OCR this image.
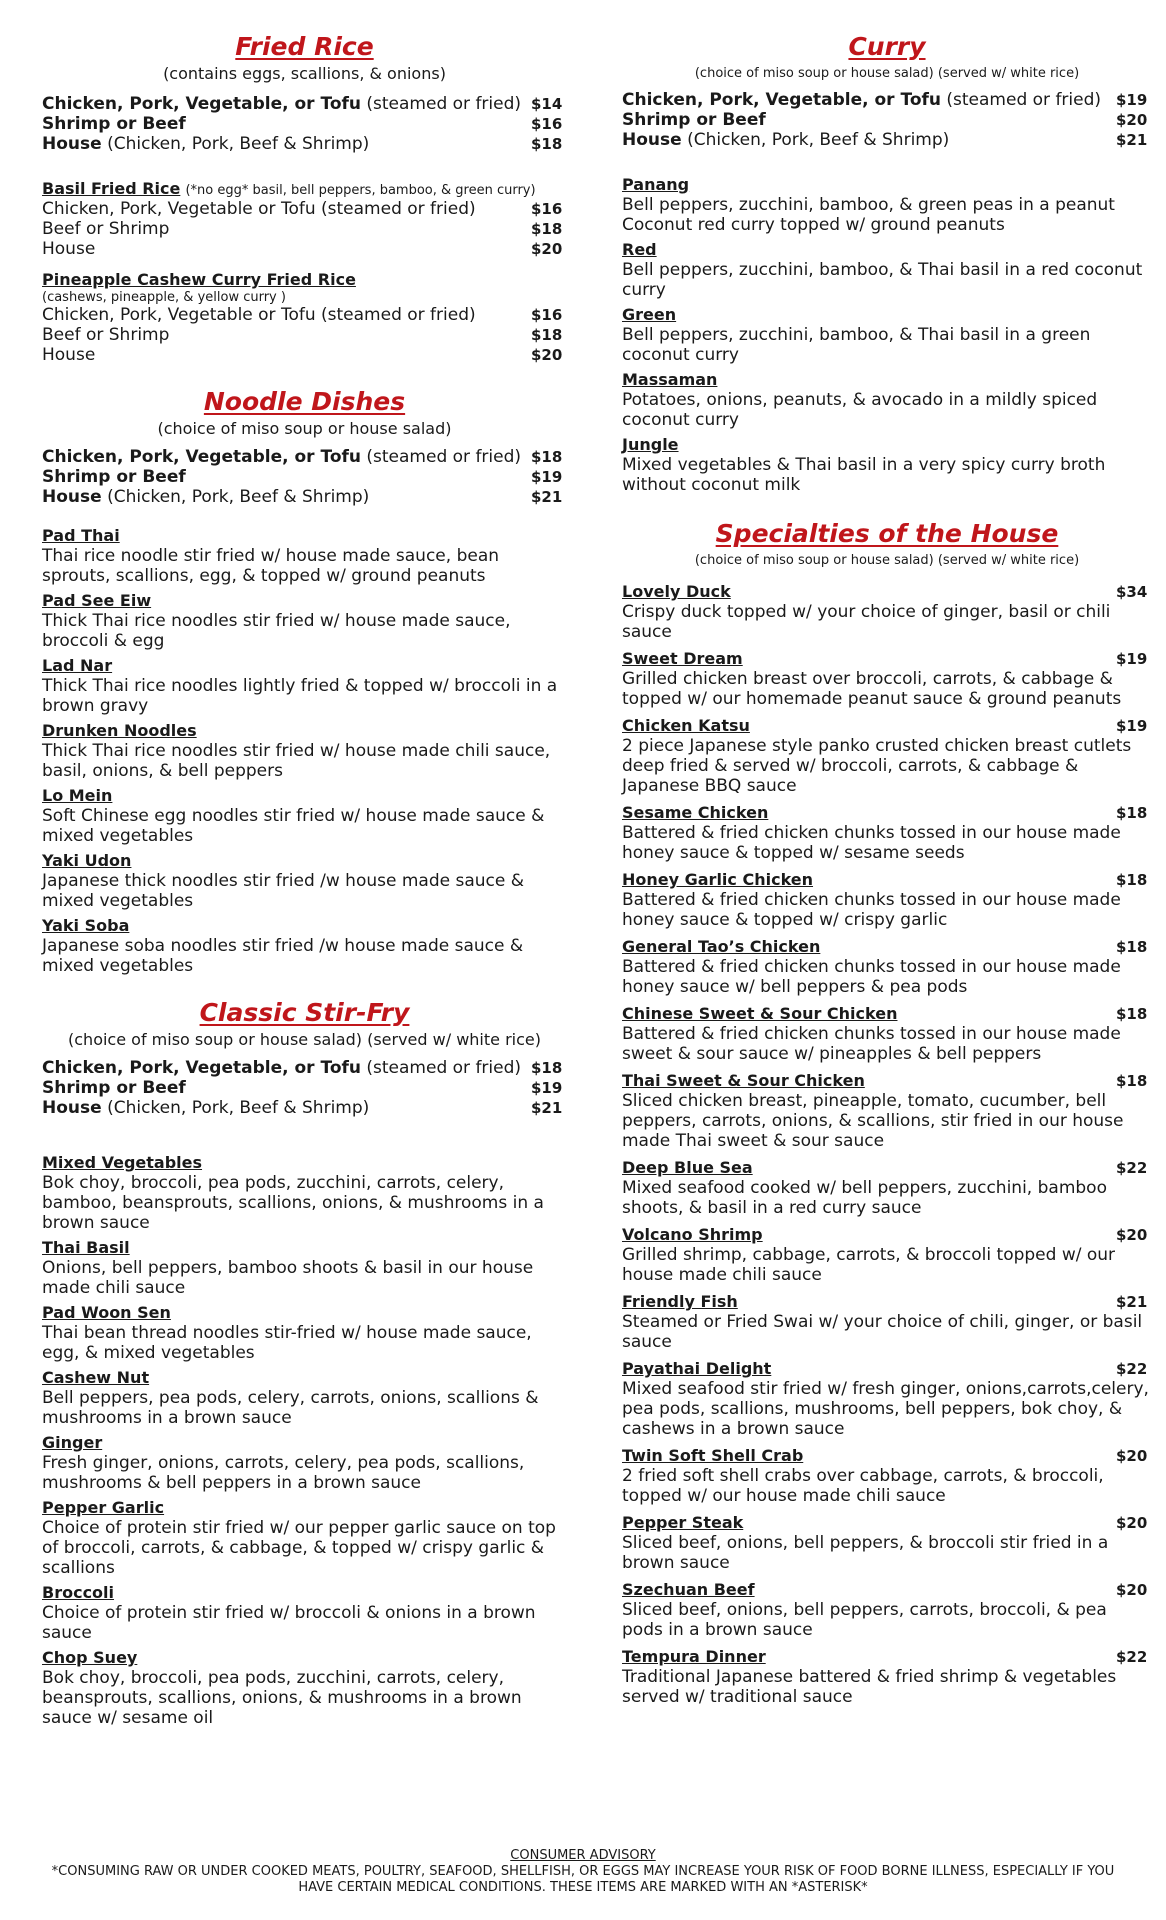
Fried Rice
(contains eggs, scallions, & onions)
Chicken, Pork, Vegetable, or Tofu (steamed or fried) $14
Shrimp or Beef	$16
House (Chicken, Pork, Beef & Shrimp)	$18
Basil Fried Rice (*no egg* basil, bell peppers, bamboo, & green curry)
Chicken, Pork, Vegetable or Tofu (steamed or fried)	$16
Beef or Shrimp	$18
House	$20
Pineapple Cashew Curry Fried Rice
(cashews, pineapple, & yellow curry )
Chicken, Pork, Vegetable or Tofu (steamed or fried)	$16
Beef or Shrimp	$18
House	$20
Noodle Dishes
(choice of miso soup or house salad)
Chicken, Pork, Vegetable, or Tofu (steamed or fried) $18
Shrimp or Beef	$19
House (Chicken, Pork, Beef & Shrimp)	$21
Pad Thai
Thai rice noodle stir fried w/ house made sauce, bean sprouts, scallions, egg, & topped w/ ground peanuts
Pad See Eiw
Thick Thai rice noodles stir fried w/ house made sauce, broccoli & egg
Lad Nar
Thick Thai rice noodles lightly fried & topped w/ broccoli in a brown gravy
Drunken Noodles
Thick Thai rice noodles stir fried w/ house made chili sauce, basil, onions, & bell peppers
Lo Mein
Soft Chinese egg noodles stir fried w/ house made sauce & mixed vegetables
Yaki Udon
Japanese thick noodles stir fried /w house made sauce & mixed vegetables
Yaki Soba
Japanese soba noodles stir fried /w house made sauce & mixed vegetables
Classic Stir-Fry
(choice of miso soup or house salad) (served w/ white rice)
Chicken, Pork, Vegetable, or Tofu (steamed or fried) $18
Shrimp or Beef	$19
House (Chicken, Pork, Beef & Shrimp)	$21
Mixed Vegetables
Bok choy, broccoli, pea pods, zucchini, carrots, celery, bamboo, beansprouts, scallions, onions, & mushrooms in a brown sauce
Thai Basil
Onions, bell peppers, bamboo shoots & basil in our house made chili sauce
Pad Woon Sen
Thai bean thread noodles stir-fried w/ house made sauce, egg, & mixed vegetables
Cashew Nut
Bell peppers, pea pods, celery, carrots, onions, scallions & mushrooms in a brown sauce
Ginger
Fresh ginger, onions, carrots, celery, pea pods, scallions, mushrooms & bell peppers in a brown sauce
Pepper Garlic
Choice of protein stir fried w/ our pepper garlic sauce on top of broccoli, carrots, & cabbage, & topped w/ crispy garlic & scallions
Broccoli
Choice of protein stir fried w/ broccoli & onions in a brown sauce
Chop Suey
Bok choy, broccoli, pea pods, zucchini, carrots, celery, beansprouts, scallions, onions, & mushrooms in a brown sauce w/ sesame oil
Curry
(choice of miso soup or house salad) (served w/ white rice)
Chicken, Pork, Vegetable, or Tofu (steamed or fried) $19
Shrimp or Beef	$20
House (Chicken, Pork, Beef & Shrimp)	$21
Panang
Bell peppers, zucchini, bamboo, & green peas in a peanut Coconut red curry topped w/ ground peanuts
Red
Bell peppers, zucchini, bamboo, & Thai basil in a red coconut curry
Green
Bell peppers, zucchini, bamboo, & Thai basil in a green coconut curry
Massaman
Potatoes, onions, peanuts, & avocado in a mildly spiced coconut curry
Jungle
Mixed vegetables & Thai basil in a very spicy curry broth without coconut milk
Specialties of the House
(choice of miso soup or house salad) (served w/ white rice)
Lovely Duck	$34
Crispy duck topped w/ your choice of ginger, basil or chili sauce
Sweet Dream	$19
Grilled chicken breast over broccoli, carrots, & cabbage & topped w/ our homemade peanut sauce & ground peanuts
Chicken Katsu	$19
2 piece Japanese style panko crusted chicken breast cutlets deep fried & served w/ broccoli, carrots, & cabbage & Japanese BBQ sauce
Sesame Chicken	$18
Battered & fried chicken chunks tossed in our house made honey sauce & topped w/ sesame seeds
Honey Garlic Chicken	$18
Battered & fried chicken chunks tossed in our house made honey sauce & topped w/ crispy garlic
General Tao’s Chicken	$18
Battered & fried chicken chunks tossed in our house made honey sauce w/ bell peppers & pea pods
Chinese Sweet & Sour Chicken	$18
Battered & fried chicken chunks tossed in our house made sweet & sour sauce w/ pineapples & bell peppers
Thai Sweet & Sour Chicken	$18
Sliced chicken breast, pineapple, tomato, cucumber, bell peppers, carrots, onions, & scallions, stir fried in our house made Thai sweet & sour sauce
Deep Blue Sea	$22
Mixed seafood cooked w/ bell peppers, zucchini, bamboo shoots, & basil in a red curry sauce
Volcano Shrimp	$20
Grilled shrimp, cabbage, carrots, & broccoli topped w/ our house made chili sauce
Friendly Fish	$21
Steamed or Fried Swai w/ your choice of chili, ginger, or basil sauce
Payathai Delight	$22
Mixed seafood stir fried w/ fresh ginger, onions,carrots,celery, pea pods, scallions, mushrooms, bell peppers, bok choy, & cashews in a brown sauce
Twin Soft Shell Crab	$20
2 fried soft shell crabs over cabbage, carrots, & broccoli, topped w/ our house made chili sauce
Pepper Steak	$20
Sliced beef, onions, bell peppers, & broccoli stir fried in a brown sauce
Szechuan Beef	$20
Sliced beef, onions, bell peppers, carrots, broccoli, & pea pods in a brown sauce
Tempura Dinner	$22
Traditional Japanese battered & fried shrimp & vegetables served w/ traditional sauce
CONSUMER ADVISORY
*CONSUMING RAW OR UNDER COOKED MEATS, POULTRY, SEAFOOD, SHELLFISH, OR EGGS MAY INCREASE YOUR RISK OF FOOD BORNE ILLNESS, ESPECIALLY IF YOU HAVE CERTAIN MEDICAL CONDITIONS. THESE ITEMS ARE MARKED WITH AN *ASTERISK*
